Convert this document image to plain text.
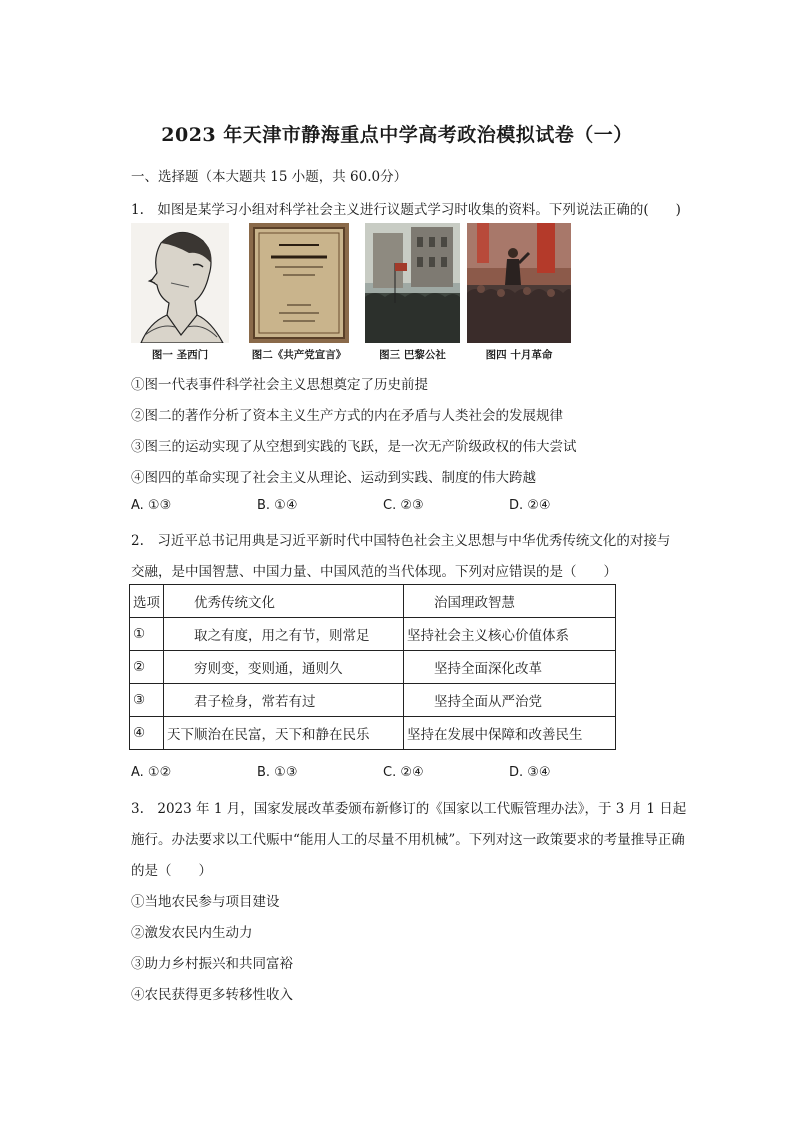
2023 年天津市静海重点中学高考政治模拟试卷（一）
一、选择题（本大题共 15 小题，共 60.0分）
1.　如图是某学习小组对科学社会主义进行议题式学习时收集的资料。下列说法正确的(　　)
图一 圣西门	图二《共产党宣言》	图三 巴黎公社	图四 十月革命
①图一代表事件科学社会主义思想奠定了历史前提
②图二的著作分析了资本主义生产方式的内在矛盾与人类社会的发展规律
③图三的运动实现了从空想到实践的飞跃，是一次无产阶级政权的伟大尝试
④图四的革命实现了社会主义从理论、运动到实践、制度的伟大跨越
A. ①③	B. ①④	C. ②③	D. ②④
2.　习近平总书记用典是习近平新时代中国特色社会主义思想与中华优秀传统文化的对接与
交融，是中国智慧、中国力量、中国风范的当代体现。下列对应错误的是（　　）
选项	优秀传统文化	治国理政智慧
①	取之有度，用之有节，则常足	坚持社会主义核心价值体系
②	穷则变，变则通，通则久	坚持全面深化改革
③	君子检身，常若有过	坚持全面从严治党
④	天下顺治在民富，天下和静在民乐	坚持在发展中保障和改善民生
A. ①②	B. ①③	C. ②④	D. ③④
3.　2023 年 1 月，国家发展改革委颁布新修订的《国家以工代赈管理办法》，于 3 月 1 日起
施行。办法要求以工代赈中“能用人工的尽量不用机械”。下列对这一政策要求的考量推导正确
的是（　　）
①当地农民参与项目建设
②激发农民内生动力
③助力乡村振兴和共同富裕
④农民获得更多转移性收入
